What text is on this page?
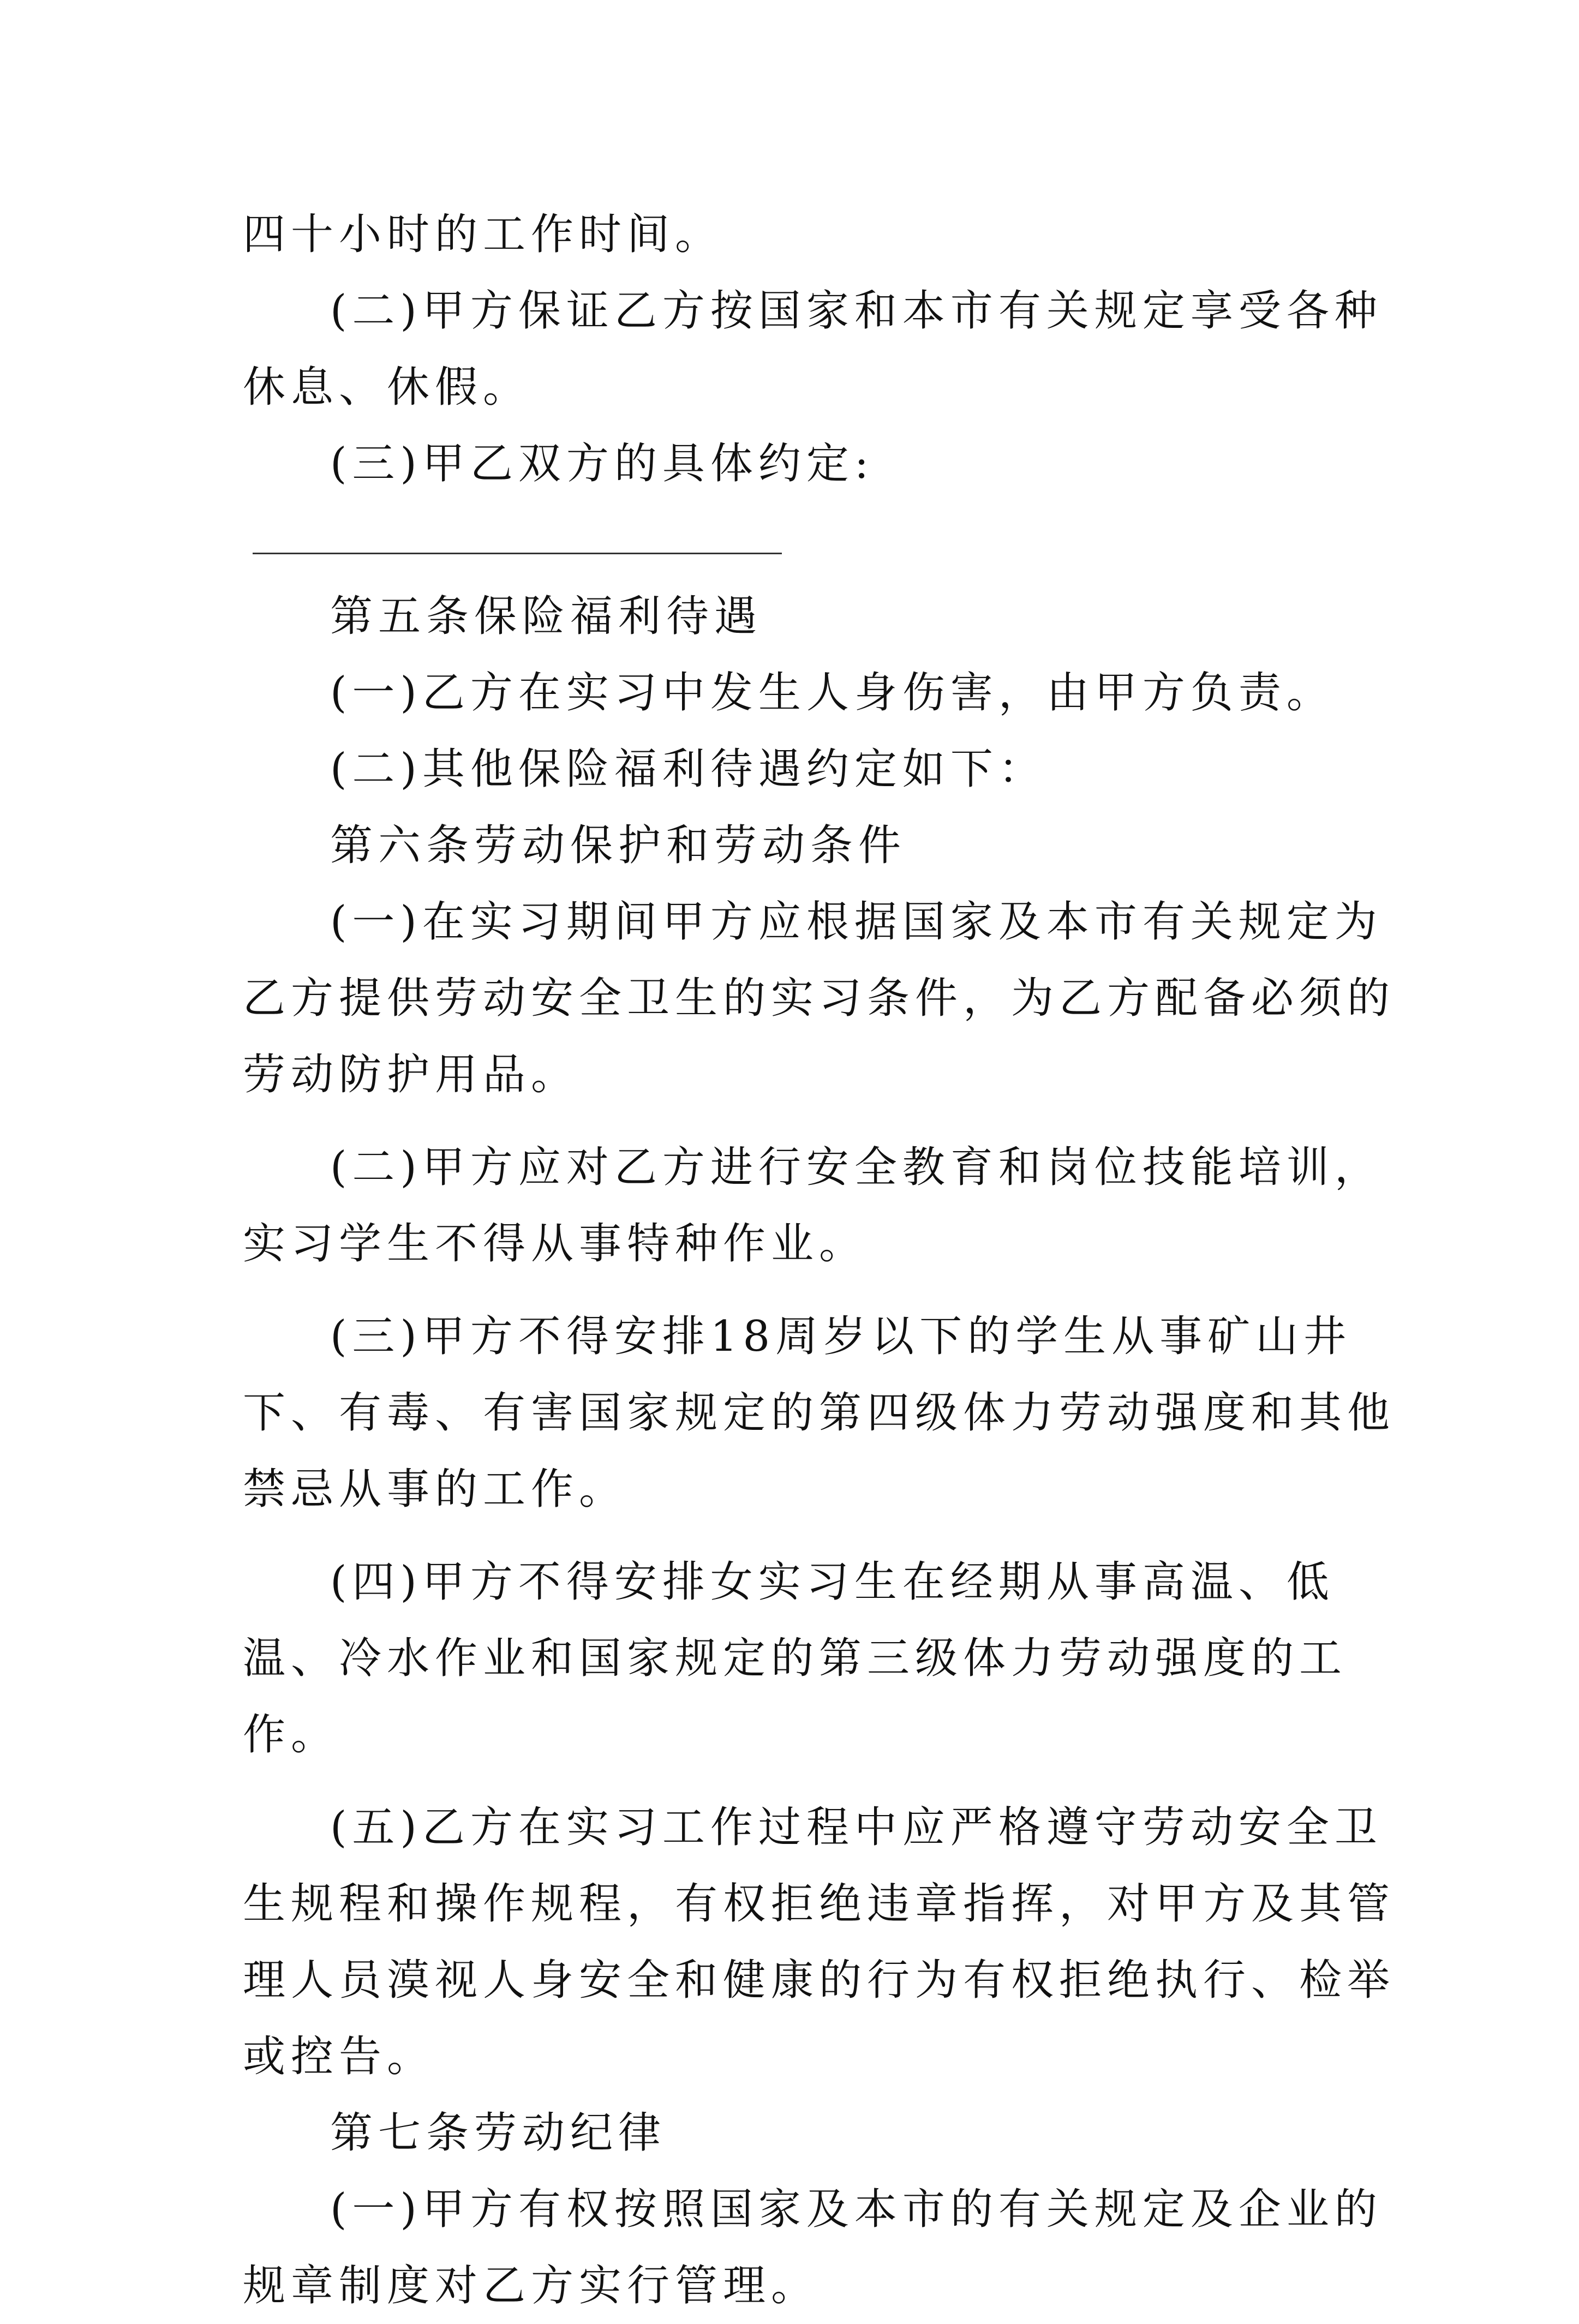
四十小时的工作时间。

(二)甲方保证乙方按国家和本市有关规定享受各种休息、休假。

(三)甲乙双方的具体约定:

第五条保险福利待遇

(一)乙方在实习中发生人身伤害，由甲方负责。

(二)其他保险福利待遇约定如下：

第六条劳动保护和劳动条件

(一)在实习期间甲方应根据国家及本市有关规定为乙方提供劳动安全卫生的实习条件，为乙方配备必须的劳动防护用品。

(二)甲方应对乙方进行安全教育和岗位技能培训，实习学生不得从事特种作业。

(三)甲方不得安排18周岁以下的学生从事矿山井下、有毒、有害国家规定的第四级体力劳动强度和其他禁忌从事的工作。

(四)甲方不得安排女实习生在经期从事高温、低温、冷水作业和国家规定的第三级体力劳动强度的工作。

(五)乙方在实习工作过程中应严格遵守劳动安全卫生规程和操作规程，有权拒绝违章指挥，对甲方及其管理人员漠视人身安全和健康的行为有权拒绝执行、检举或控告。

第七条劳动纪律

(一)甲方有权按照国家及本市的有关规定及企业的规章制度对乙方实行管理。
